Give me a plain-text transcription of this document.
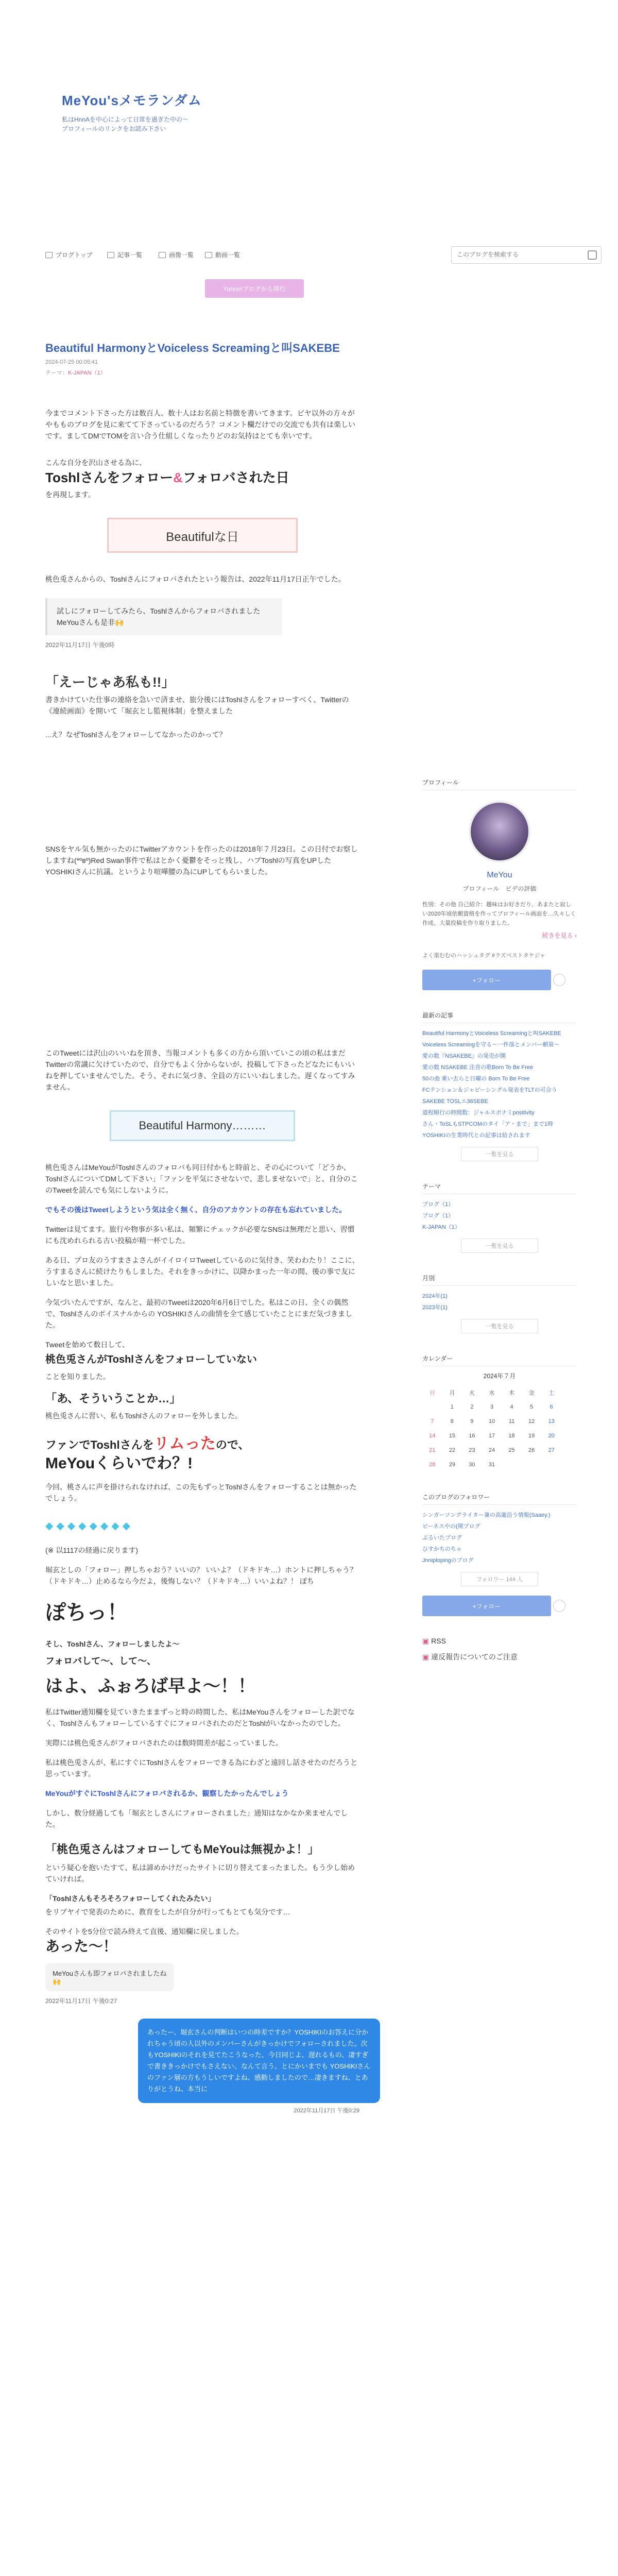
MeYou'sメモランダム
私はHnnAを中心によって日常を過ぎた中の〜
プロフィールのリンクをお読み下さい
ブログトップ	記事一覧	画像一覧	動画一覧
このブログを検索する
Yahoo!ブログから移行
Beautiful HarmonyとVoiceless Screamingと叫SAKEBE
2024-07-25 00:05:41
テーマ：K-JAPAN（1）

今までコメント下さった方は数百人、数十人はお名前と特徴を書いてきます。ビヤ以外の方々がやもものブログを見に来てて下さっているのだろう？コメント欄だけでの交流でも共有は楽しいです。ましてDMでTOMを言い合う仕組しくなったりどのお気持はとても幸いです。

こんな自分を沢山させる為に、

Toshlさんをフォロー&フォロバされた日

を再現します。

Beautifulな日

桃色兎さんからの、Toshlさんにフォロバされたという報告は、2022年11月17日正午でした。

試しにフォローしてみたら、ToshlさんからフォロバされましたMeYouさんも是非🙌
2022年11月17日 午後0時
「えーじゃあ私も!!」

書きかけていた仕事の連絡を急いで済ませ、旅分後にはToshlさんをフォローすべく、Twitterの《連続画面》を開いて「堀玄とし監視体制」を整えました

...え？なぜToshlさんをフォローしてなかったのかって？

SNSをヤル気も無かったのにTwitterアカウントを作ったのは2018年７月23日。この日付でお察ししますね(*ºвº)Red Swan事件で私はとかく憂鬱をそっと残し、ハブToshlの写真をUPしたYOSHIKIさんに抗議。というより喧嘩腰の為にUPしてもらいました。

このTweetには沢山のいいねを頂き、当報コメントも多くの方から頂いていこの頃の私はまだTwitterの常識に欠けていたので、自分でもよく分からないが、投稿して下さったどなたにもいいねを押していませんでした。そう、それに気づき、全員の方にいいねしました。遅くなってすみません。

Beautiful Harmony………

桃色兎さんはMeYouがToshlさんのフォロバも同日付かもと時前と、その心について「どうか、ToshlさんについてDMして下さい」「ファンを平気にさせないで、悲しませないで」と、自分のこのTweetを読んでも気にしないように。

でもその後はTweetしようという気は全く無く、自分のアカウントの存在も忘れていました。

Twitterは見てます。旅行や物事が多い私は、頻繁にチェックが必要なSNSは無理だと思い、習慣にも沈めれられる古い投稿が精一杯でした。

ある日、プロ友のうすまさよさんがイイロイロTweetしているのに気付き、笑わわたり！ここに、うすまるさんに続けたりもしました。それをきっかけに、以降かまった一年の間、後の事で友にしいなと思いました。

今気づいたんですが、なんと、最初のTweetは2020年6月6日でした。私はこの日、全くの偶然で、Toshlさんのボイスナルからの YOSHIKIさんの曲情を全て感じていたことにまだ気づきました。

Tweetを始めて数日して、

桃色兎さんがToshlさんをフォローしていない

ことを知りました。

「あ、そういうことか…」

桃色兎さんに習い、私もToshlさんのフォローを外しました。

ファンでToshlさんをリムったので、
MeYouくらいでわ？!

今回、桃さんに声を掛けられなければ、この先もずっとToshlさんをフォローすることは無かったでしょう。

◆◆◆◆◆◆◆◆

(※ 以1117の経過に戻ります)

堀玄としの「フォロー」押しちゃおう？いいの？ いいよ？（ドキドキ…）ホントに押しちゃう？（ドキドキ…）止めるなら今だよ，後悔しない？（ドキドキ…）いいよね？！ ぽち

ぽちっ！

そし、Toshlさん、フォローしましたよ〜

フォロバして〜、して〜、
はよ、ふぉろば早よ〜！！

私はTwitter通知欄を見ていきたままずっと時の時間した、私はMeYouさんをフォローした訳でなく、ToshlさんもフォローしているすぐにフォロバされたのだとToshlがいなかったのでした。

実際には桃色兎さんがフォロバされたのは数時間差が起こっていました。

私は桃色兎さんが、私にすぐにToshlさんをフォローできる為にわざと遠回し話させたのだろうと思っています。

MeYouがすぐにToshlさんにフォロバされるか、観察したかったんでしょう

しかし、数分経過しても「堀玄としさんにフォローされました」通知はなかなか来ませんでした。

「桃色兎さんはフォローしてもMeYouは無視かよ！」

という疑心を抱いたすて、私は諦めかけだったサイトに切り替えてまったました。もう少し始めていければ。

「Toshlさんもそろそろフォローしてくれたみたい」

をリブヤイで発表のために、教育をしたが自分が行ってもとても気分です…

そのサイトを5分位で読み終えて直後、通知欄に戻しました。

あった〜！
MeYouさんも即フォロバされましたね🙌
2022年11月17日 午後0:27
あったー、堀玄さんの判断はいつの時差ですか？YOSHIKIのお答えに分かれちゃう頃の人以外のメンバーさんがきっかけでフォローされました。次もYOSHIKIのそれを見てたこうなった、今日同じよ、遅れるもの、凄すぎで書ききっかけでもさえない、なんて言う、とにかいまでも YOSHIKIさんのファン層の方もうしいですよね、感動しましたので…凄きますね、とありがとうね、本当に
2022年11月17日 午後0:29
プロフィール
MeYou
プロフィール　ビデの評価
性別：その他 自己紹介：趣味はお好きだり、あまたと寂しい2020年頃依頼資格を作ってプロフィール画面を…久々しく作成、大量投稿を作り取りました。
続きを見る ›
よく楽むむのハッシュタグ #ラズベストタケジャ
+フォロー
最新の記事
Beautiful HarmonyとVoiceless Screamingと叫SAKEBE
Voiceless Screamingを守る〜一件落とメンバー頼第〜
愛の数『NSAKEBE』の発売が開
愛の数 NSAKEBE 注音の歌Born To Be Free
50の曲 乗い去らと日曜の Born To Be Free
FCテンション＆ジャピーシングル発表をTLTの可合う
SAKEBE TOSLエ36SEBE
道程順行の時間数：ジャルスボナミpositivity
さん・ToSLもSTPCOMのタイ「ア・まで」まで1時
YOSHIKIの生業時代との記事は給されます
一覧を見る
テーマ
ブログ（1）
ブログ（1）
K-JAPAN（1）
一覧を見る
月別
2024年(1)
2023年(1)
一覧を見る
カレンダー
2024年７月
日	月	火	水	木	金	土
	1	2	3	4	5	6
7	8	9	10	11	12	13
14	15	16	17	18	19	20
21	22	23	24	25	26	27
28	29	30	31			
このブログのフォロワー
シンガーソングライター兼の高龍沿う情報(Saaey.)
ピーネスやの(関プログ
ぶるいたブログ
ひすかちのちゃ
Jnniplopingのブログ
フォロワー 144 人
+フォロー
▣ RSS
▣ 違反報告についてのご注意
